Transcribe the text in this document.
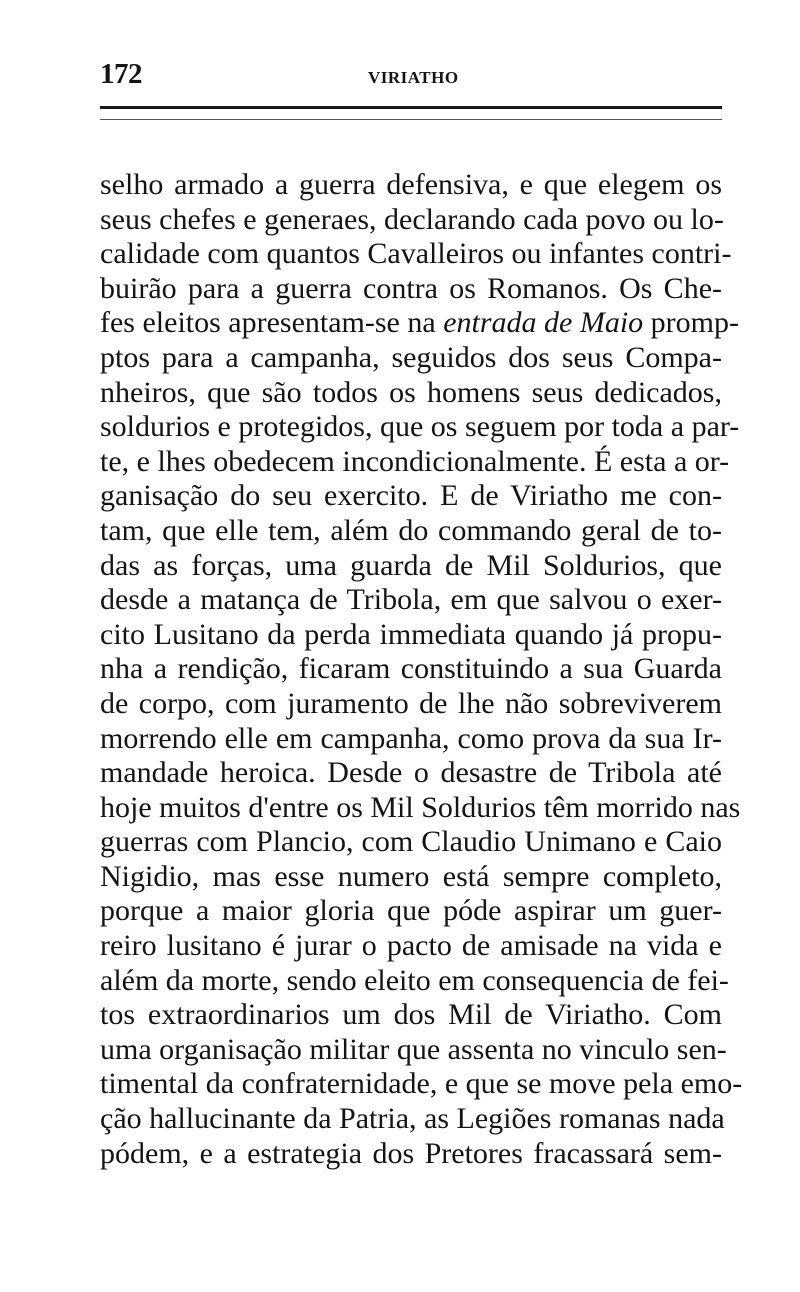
172	VIRIATHO
selho armado a guerra defensiva, e que elegem os
seus chefes e generaes, declarando cada povo ou lo-
calidade com quantos Cavalleiros ou infantes contri-
buirão para a guerra contra os Romanos. Os Che-
fes eleitos apresentam-se na entrada de Maio promp-
ptos para a campanha, seguidos dos seus Compa-
nheiros, que são todos os homens seus dedicados,
soldurios e protegidos, que os seguem por toda a par-
te, e lhes obedecem incondicionalmente. É esta a or-
ganisação do seu exercito. E de Viriatho me con-
tam, que elle tem, além do commando geral de to-
das as forças, uma guarda de Mil Soldurios, que
desde a matança de Tribola, em que salvou o exer-
cito Lusitano da perda immediata quando já propu-
nha a rendição, ficaram constituindo a sua Guarda
de corpo, com juramento de lhe não sobreviverem
morrendo elle em campanha, como prova da sua Ir-
mandade heroica. Desde o desastre de Tribola até
hoje muitos d'entre os Mil Soldurios têm morrido nas
guerras com Plancio, com Claudio Unimano e Caio
Nigidio, mas esse numero está sempre completo,
porque a maior gloria que póde aspirar um guer-
reiro lusitano é jurar o pacto de amisade na vida e
além da morte, sendo eleito em consequencia de fei-
tos extraordinarios um dos Mil de Viriatho. Com
uma organisação militar que assenta no vinculo sen-
timental da confraternidade, e que se move pela emo-
ção hallucinante da Patria, as Legiões romanas nada
pódem, e a estrategia dos Pretores fracassará sem-
